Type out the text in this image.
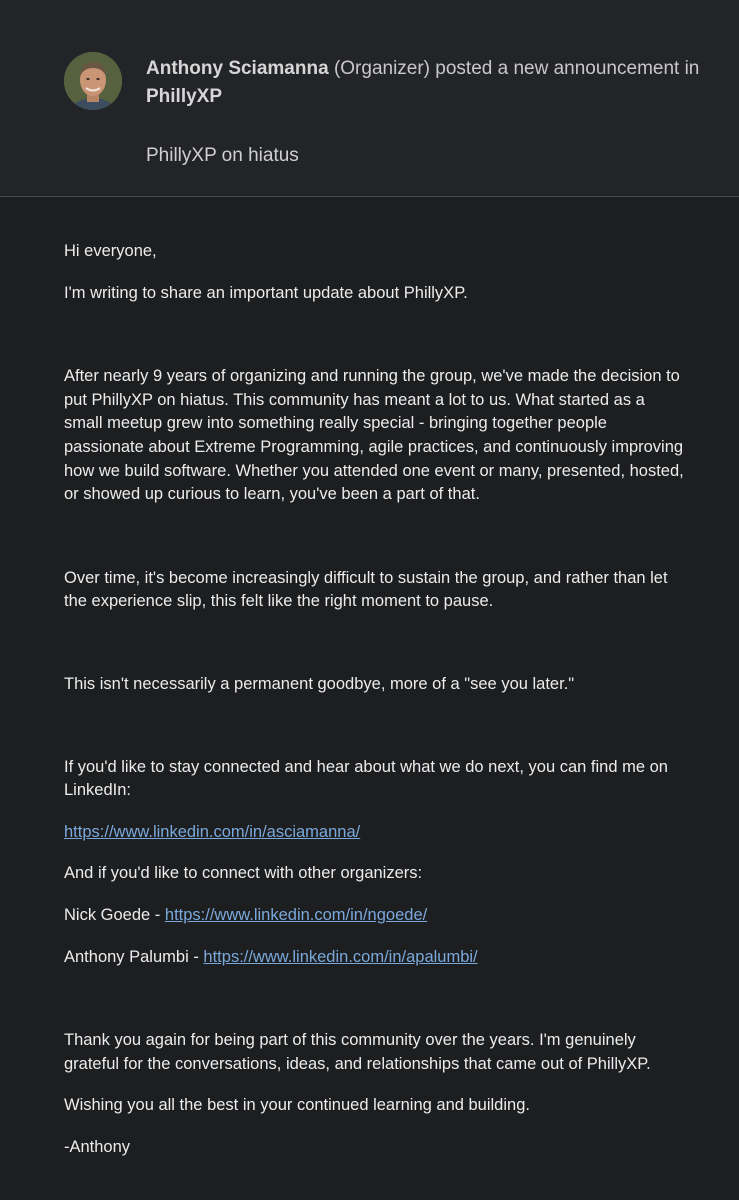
Anthony Sciamanna (Organizer) posted a new announcement in PhillyXP
PhillyXP on hiatus

Hi everyone,

I'm writing to share an important update about PhillyXP.

After nearly 9 years of organizing and running the group, we've made the decision to put PhillyXP on hiatus. This community has meant a lot to us. What started as a small meetup grew into something really special - bringing together people passionate about Extreme Programming, agile practices, and continuously improving how we build software. Whether you attended one event or many, presented, hosted, or showed up curious to learn, you've been a part of that.

Over time, it's become increasingly difficult to sustain the group, and rather than let the experience slip, this felt like the right moment to pause.

This isn't necessarily a permanent goodbye, more of a "see you later."

If you'd like to stay connected and hear about what we do next, you can find me on LinkedIn:

https://www.linkedin.com/in/asciamanna/

And if you'd like to connect with other organizers:

Nick Goede - https://www.linkedin.com/in/ngoede/

Anthony Palumbi - https://www.linkedin.com/in/apalumbi/

Thank you again for being part of this community over the years. I'm genuinely grateful for the conversations, ideas, and relationships that came out of PhillyXP.

Wishing you all the best in your continued learning and building.

-Anthony
